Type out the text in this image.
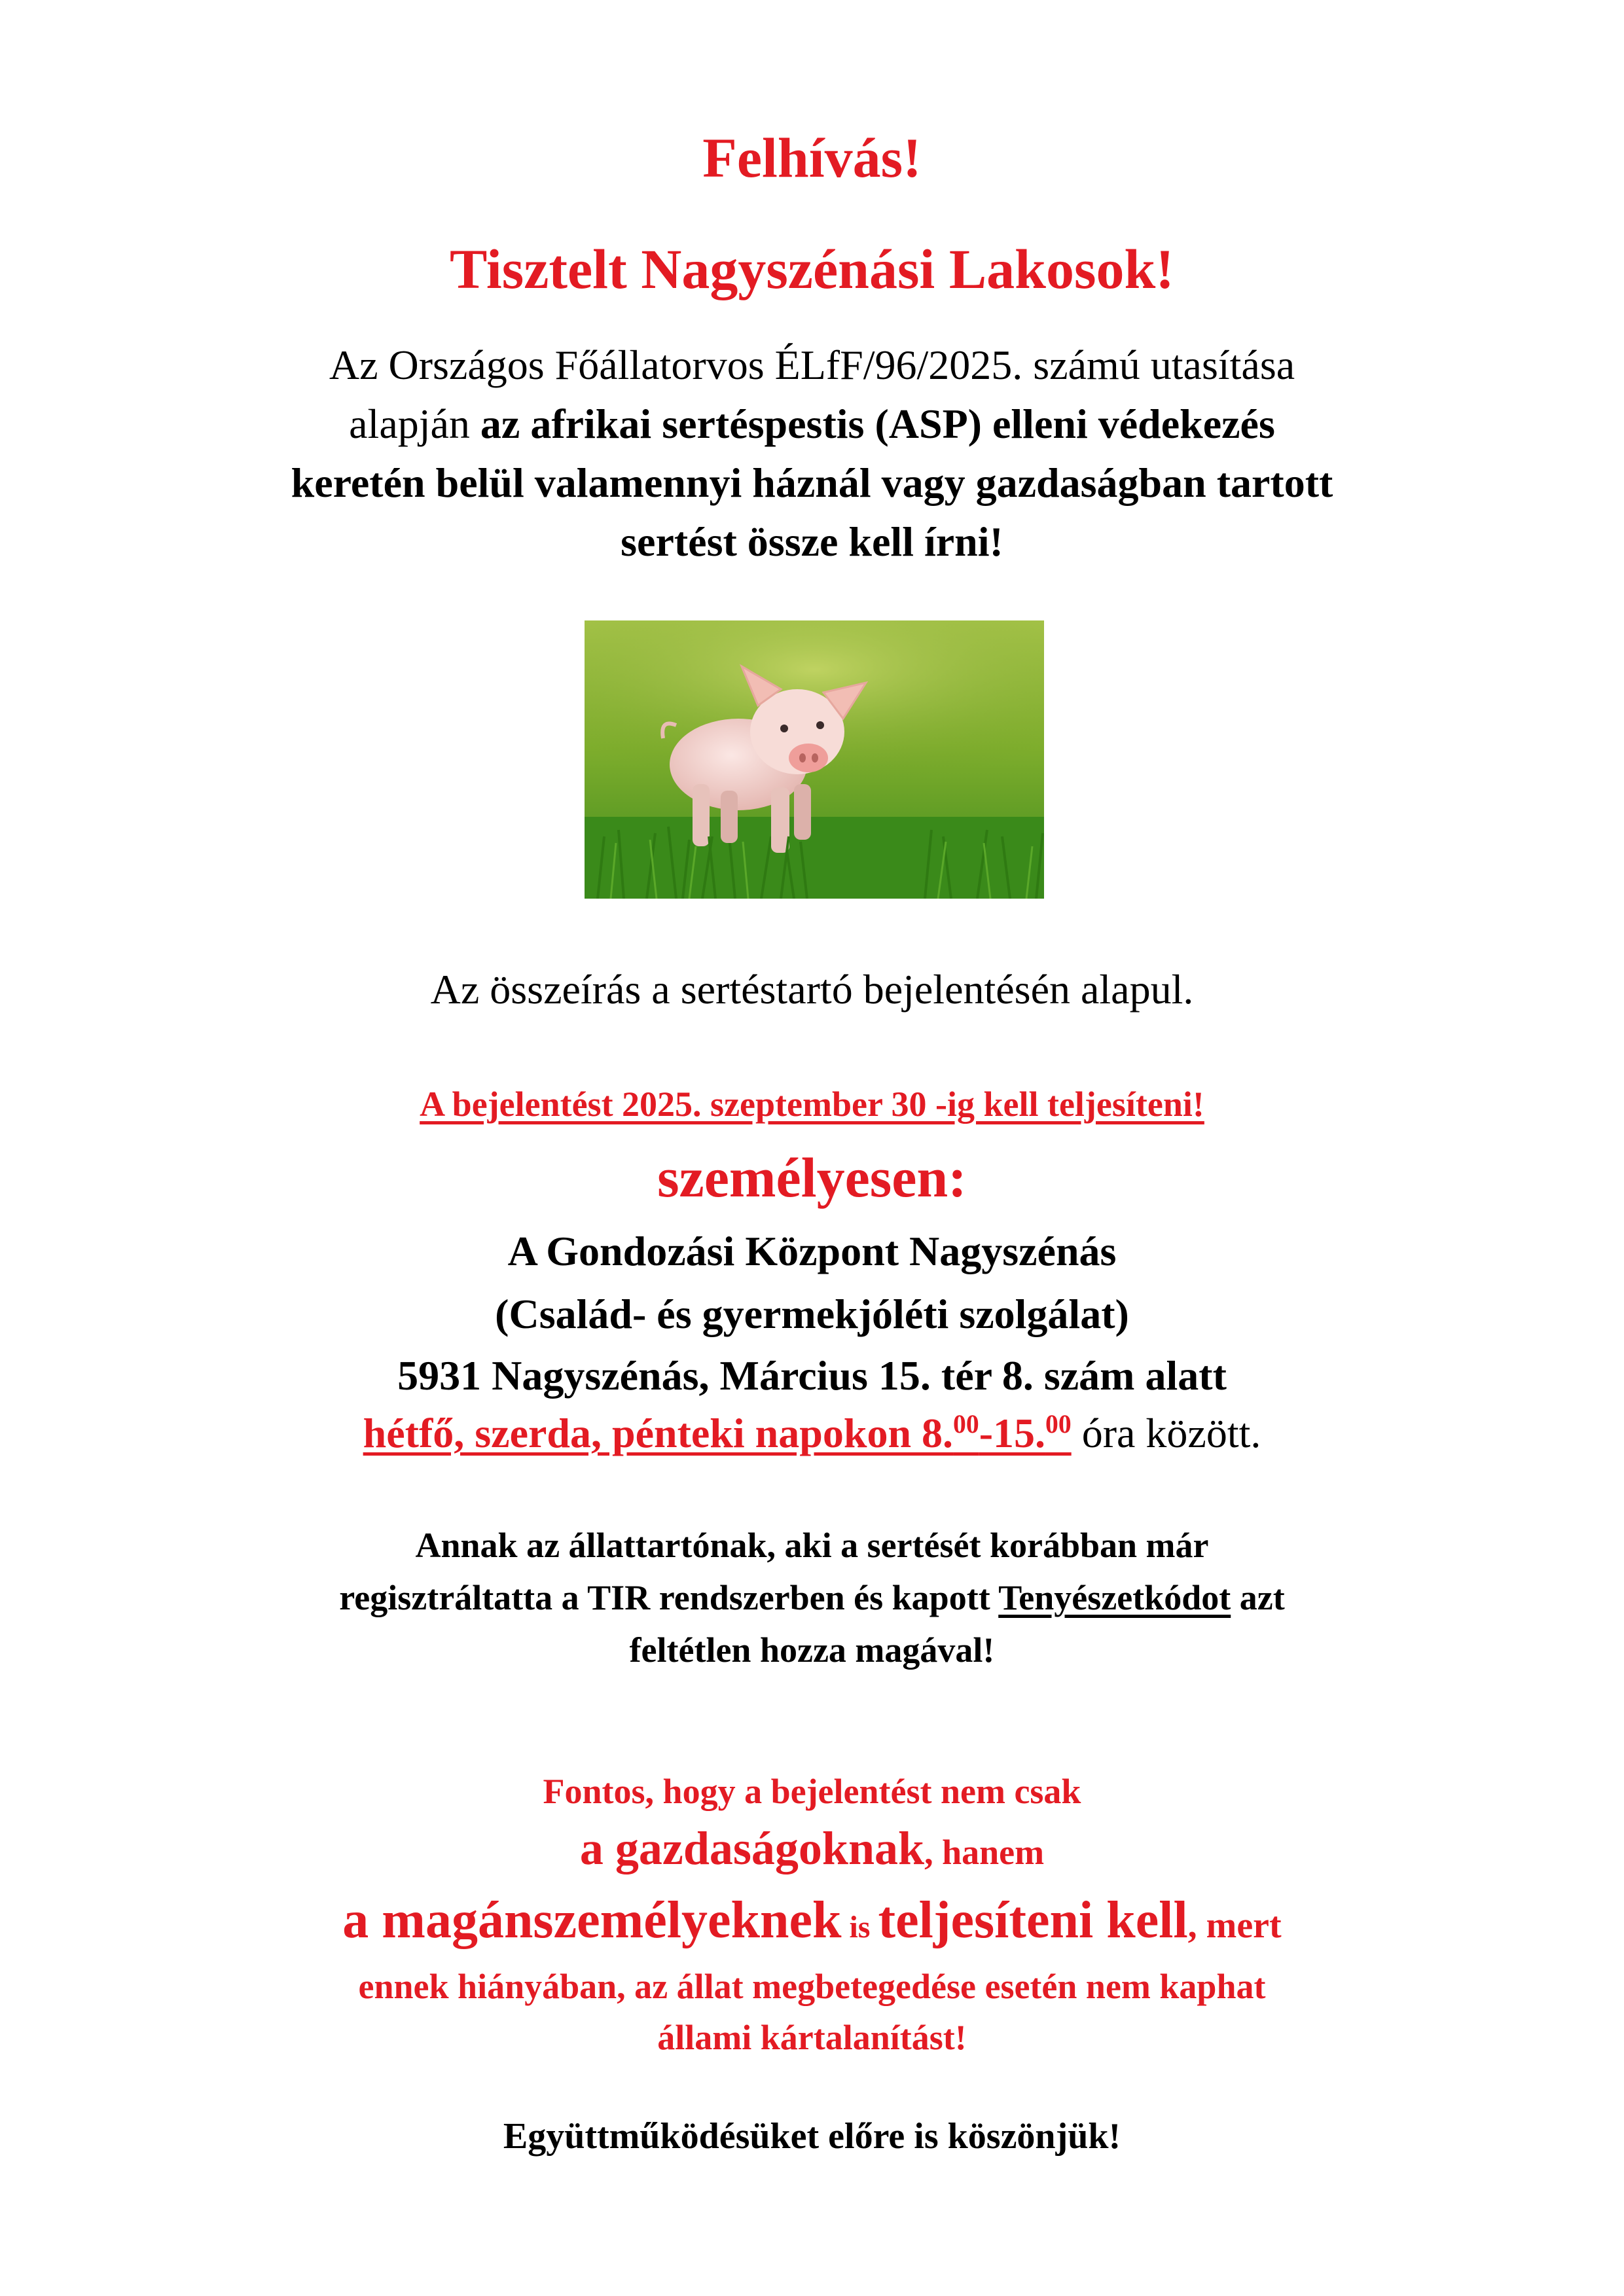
Felhívás!
Tisztelt Nagyszénási Lakosok!
Az Országos Főállatorvos ÉLfF/96/2025. számú utasítása
alapján az afrikai sertéspestis (ASP) elleni védekezés
keretén belül valamennyi háznál vagy gazdaságban tartott
sertést össze kell írni!
Az összeírás a sertéstartó bejelentésén alapul.
A bejelentést 2025. szeptember 30 -ig kell teljesíteni!
személyesen:
A Gondozási Központ Nagyszénás
(Család- és gyermekjóléti szolgálat)
5931 Nagyszénás, Március 15. tér 8. szám alatt
hétfő, szerda, pénteki napokon 8.00-15.00 óra között.
Annak az állattartónak, aki a sertését korábban már
regisztráltatta a TIR rendszerben és kapott Tenyészetkódot azt
feltétlen hozza magával!
Fontos, hogy a bejelentést nem csak
a gazdaságoknak, hanem
a magánszemélyeknek is teljesíteni kell, mert
ennek hiányában, az állat megbetegedése esetén nem kaphat
állami kártalanítást!
Együttműködésüket előre is köszönjük!
